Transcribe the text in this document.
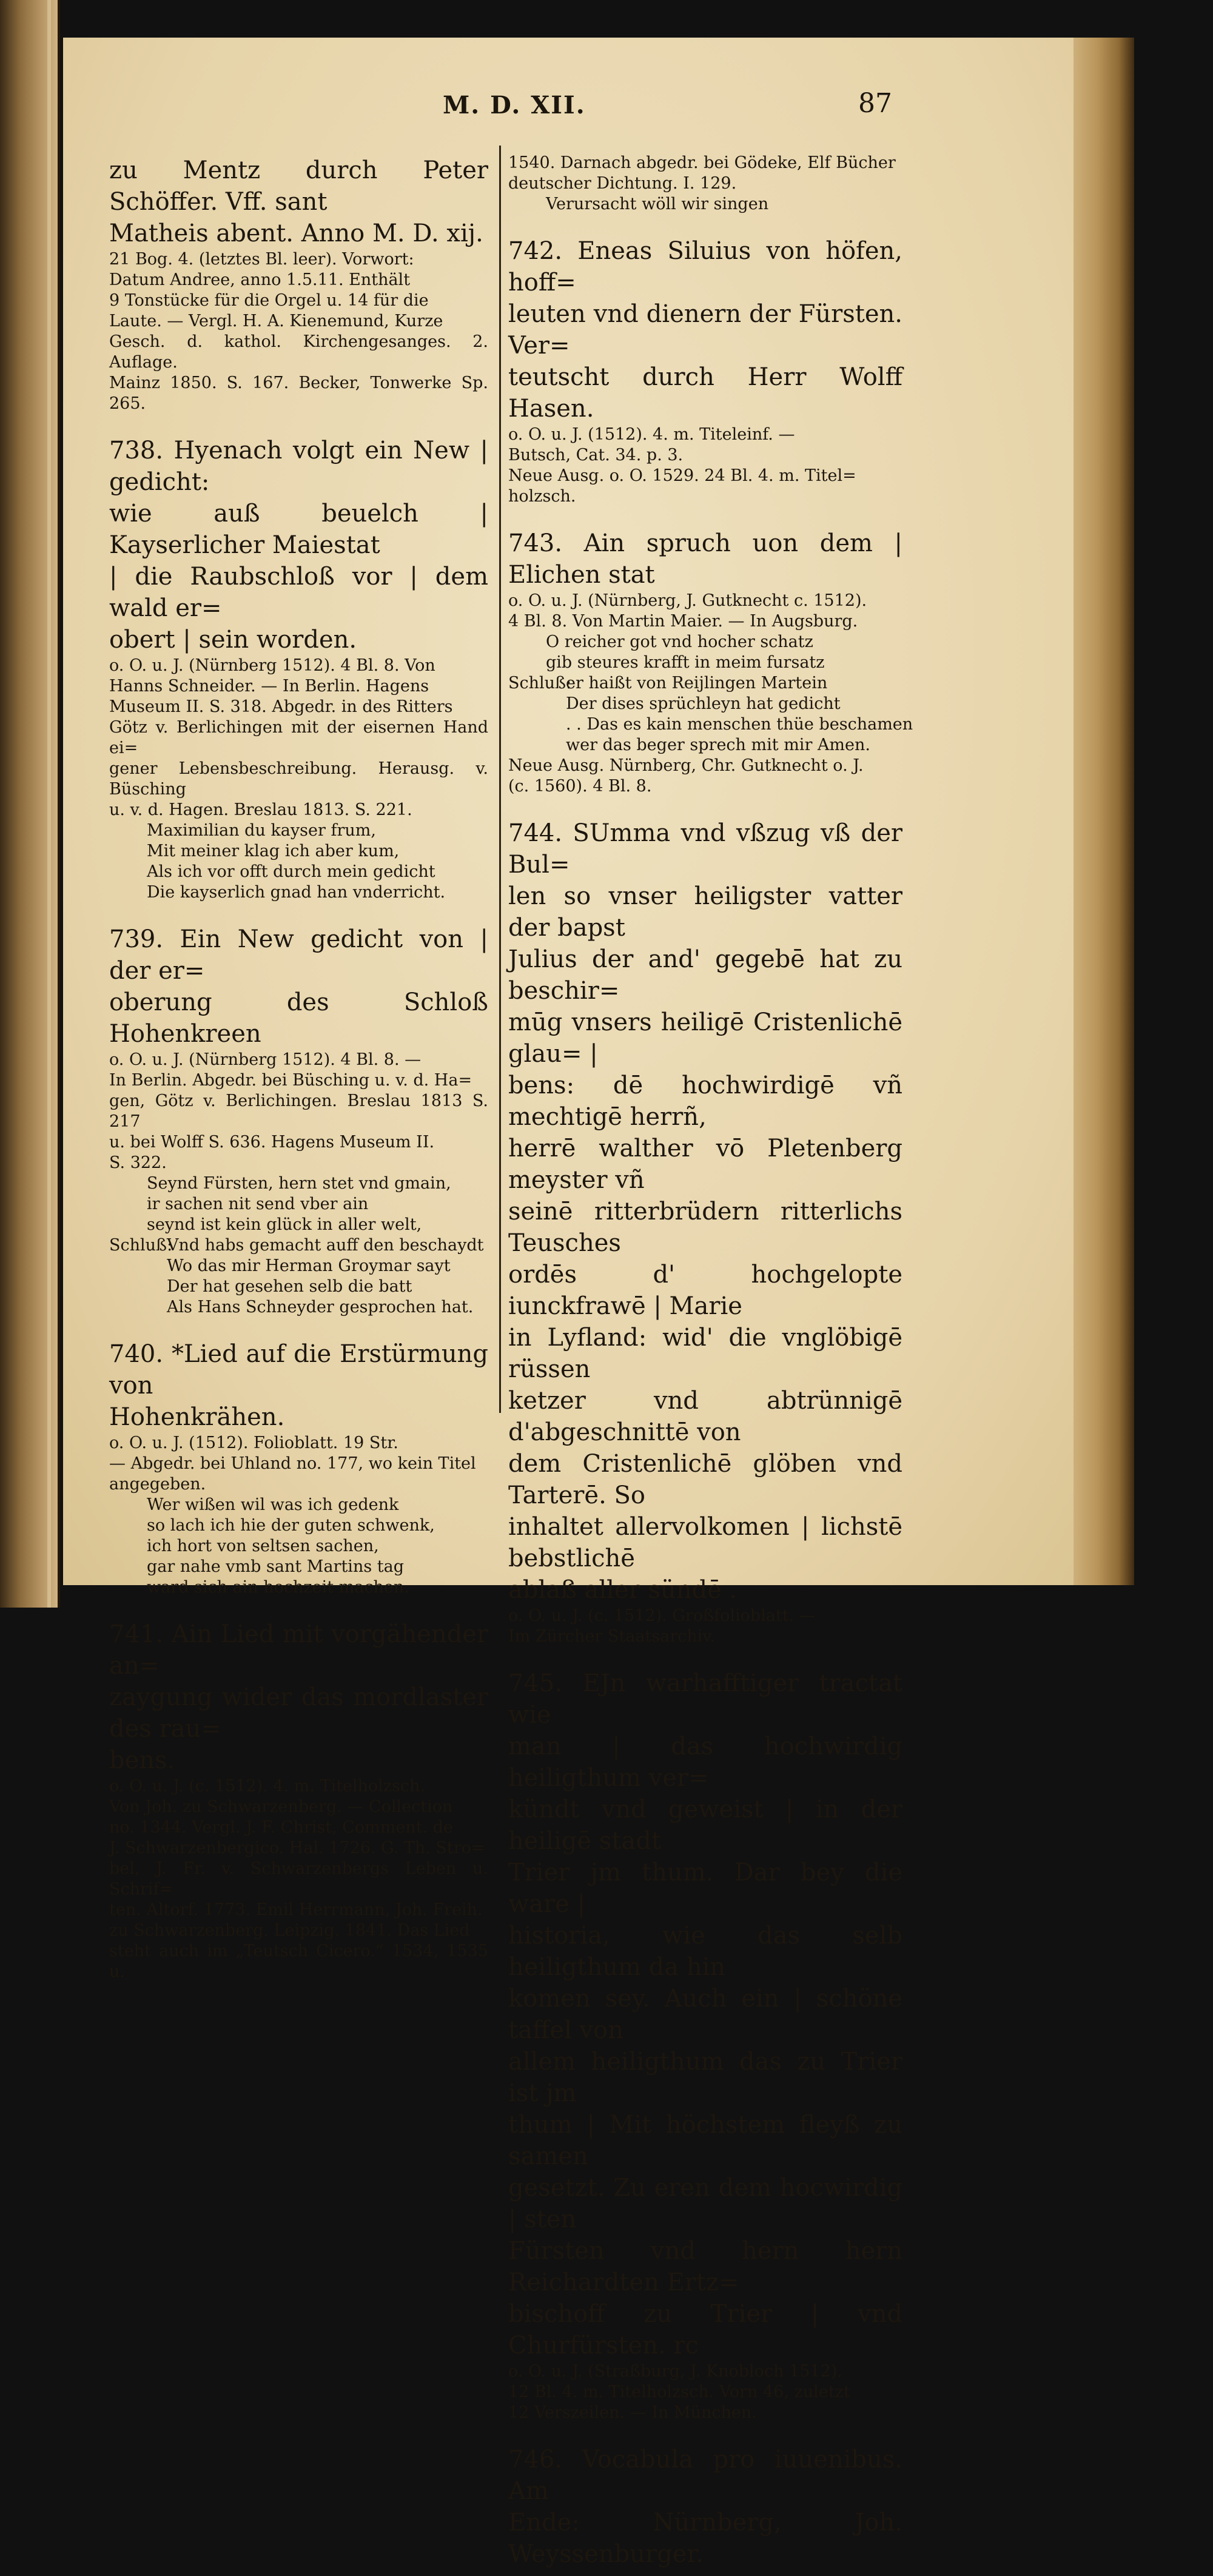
M. D. XII.	87
zu Mentz durch Peter Schöffer. Vff. sant
Matheis abent. Anno M. D. xij.
21 Bog. 4. (letztes Bl. leer). Vorwort:
Datum Andree, anno 1.5.11. Enthält
9 Tonstücke für die Orgel u. 14 für die
Laute. — Vergl. H. A. Kienemund, Kurze
Gesch. d. kathol. Kirchengesanges. 2. Auflage.
Mainz 1850. S. 167. Becker, Tonwerke Sp. 265.
738. Hyenach volgt ein New | gedicht:
wie auß beuelch | Kayserlicher Maiestat
| die Raubschloß vor | dem wald er=
obert | sein worden.
o. O. u. J. (Nürnberg 1512). 4 Bl. 8. Von
Hanns Schneider. — In Berlin. Hagens
Museum II. S. 318. Abgedr. in des Ritters
Götz v. Berlichingen mit der eisernen Hand ei=
gener Lebensbeschreibung. Herausg. v. Büsching
u. v. d. Hagen. Breslau 1813. S. 221.
Maximilian du kayser frum,
Mit meiner klag ich aber kum,
Als ich vor offt durch mein gedicht
Die kayserlich gnad han vnderricht.
739. Ein New gedicht von | der er=
oberung des Schloß Hohenkreen
o. O. u. J. (Nürnberg 1512). 4 Bl. 8. —
In Berlin. Abgedr. bei Büsching u. v. d. Ha=
gen, Götz v. Berlichingen. Breslau 1813 S. 217
u. bei Wolff S. 636. Hagens Museum II.
S. 322.
Seynd Fürsten, hern stet vnd gmain,
ir sachen nit send vber ain
seynd ist kein glück in aller welt,
Schluß:Vnd habs gemacht auff den beschaydt
Wo das mir Herman Groymar sayt
Der hat gesehen selb die batt
Als Hans Schneyder gesprochen hat.
740. *Lied auf die Erstürmung von
Hohenkrähen.
o. O. u. J. (1512). Folioblatt. 19 Str.
— Abgedr. bei Uhland no. 177, wo kein Titel
angegeben.
Wer wißen wil was ich gedenk
so lach ich hie der guten schwenk,
ich hort von seltsen sachen,
gar nahe vmb sant Martins tag
ward sich ain hochzeit machen.
741. Ain Lied mit vorgähender an=
zaygung wider das mordlaster des rau=
bens.
o. O. u. J. (c. 1512). 4. m. Titelholzsch.
Von Joh. zu Schwarzenberg. — Collection
no. 1344. Vergl. J. F. Christ, Comment. de
J. Schwarzenbergico. Hal. 1726. G. Th. Stro=
bel, J. Fr. v. Schwarzenbergs Leben u. Schrif=
ten. Altorf. 1773. Emil Herrmann, Joh. Freih.
zu Schwarzenberg. Leipzig. 1841. Das Lied
steht auch im „Teutsch Cicero.“ 1534, 1535 u.
1540. Darnach abgedr. bei Gödeke, Elf Bücher
deutscher Dichtung. I. 129.
Verursacht wöll wir singen
742. Eneas Siluius von höfen, hoff=
leuten vnd dienern der Fürsten. Ver=
teutscht durch Herr Wolff Hasen.
o. O. u. J. (1512). 4. m. Titeleinf. —
Butsch, Cat. 34. p. 3.
Neue Ausg. o. O. 1529. 24 Bl. 4. m. Titel=
holzsch.
743. Ain spruch uon dem | Elichen stat
o. O. u. J. (Nürnberg, J. Gutknecht c. 1512).
4 Bl. 8. Von Martin Maier. — In Augsburg.
O reicher got vnd hocher schatz
gib steures krafft in meim fursatz
Schluß:er haißt von Reijlingen Martein
Der dises sprüchleyn hat gedicht
. . Das es kain menschen thüe beschamen
wer das beger sprech mit mir Amen.
Neue Ausg. Nürnberg, Chr. Gutknecht o. J.
(c. 1560). 4 Bl. 8.
744. SUmma vnd vßzug vß der Bul=
len so vnser heiligster vatter der bapst
Julius der and' gegebē hat zu beschir=
mūg vnsers heiligē Cristenlichē glau= |
bens: dē hochwirdigē vñ mechtigē herrñ,
herrē walther vō Pletenberg meyster vñ
seinē ritterbrüdern ritterlichs Teusches
ordēs d' hochgelopte iunckfrawē | Marie
in Lyfland: wid' die vnglöbigē rüssen
ketzer vnd abtrünnigē d'abgeschnittē von
dem Cristenlichē glöben vnd Tarterē. So
inhaltet allervolkomen | lichstē bebstlichē
ablaß aller sündē .
o. O. u. J. (c. 1512). Großfolioblatt. —
Im Zürcher Staatsarchiv.
745. EJn warhafftiger tractat wie
man | das hochwirdig heiligthum ver=
kündt vnd geweist | in der heiligē stadt
Trier jm thum. Dar bey die ware |
historia, wie das selb heiligthum da hin
komen sey. Auch ein | schöne taffel von
allem heiligthum das zu Trier ist jm
thum | Mit höchstem fleyß zu samen
gesetzt. Zu eren dem hocwirdig | sten
Fürsten vnd hern hern Reichardten Ertz=
bischoff zu Trier | vnd Churfürsten. rc
o. O. u. J. (Straßburg, J. Knobloch 1512).
12 Bl. 4. m. Titelholzsch. Vorn 46, zuletzt
12 Verszeilen. — In München.
746. Vocabula pro iuuenibus. Am
Ende: Nürnberg, Joh. Weyssenburger.
